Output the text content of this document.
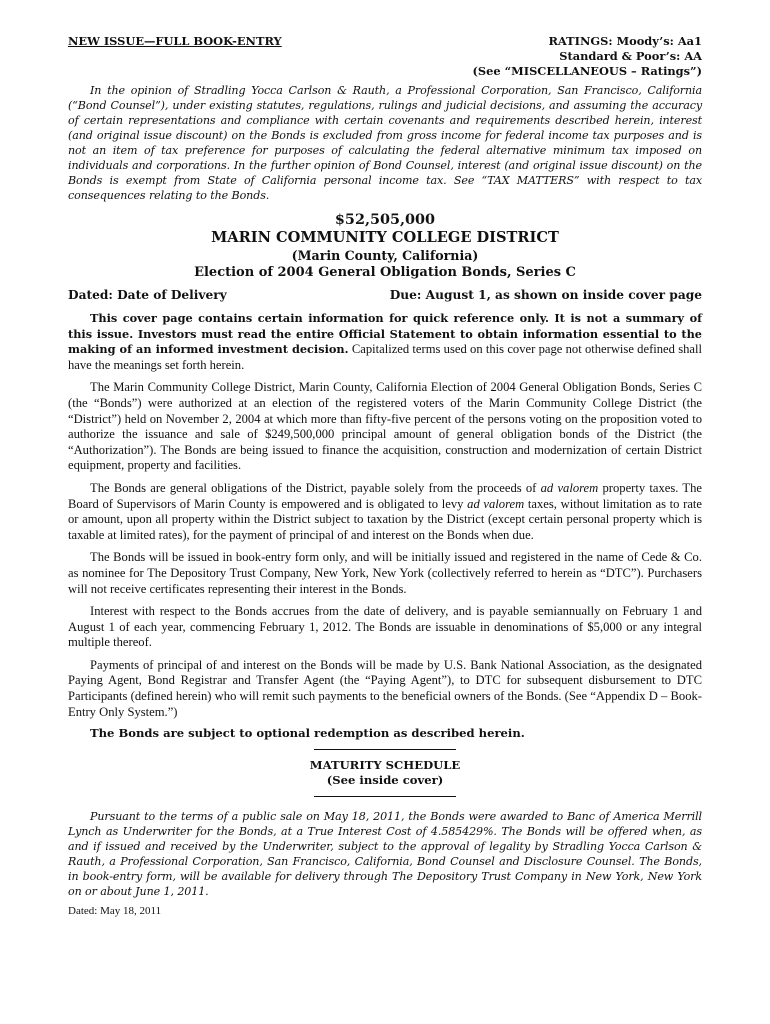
NEW ISSUE—FULL BOOK-ENTRY	RATINGS: Moody’s: Aa1
Standard & Poor’s: AA
(See “MISCELLANEOUS – Ratings”)
In the opinion of Stradling Yocca Carlson & Rauth, a Professional Corporation, San Francisco, California (“Bond Counsel”), under existing statutes, regulations, rulings and judicial decisions, and assuming the accuracy of certain representations and compliance with certain covenants and requirements described herein, interest (and original issue discount) on the Bonds is excluded from gross income for federal income tax purposes and is not an item of tax preference for purposes of calculating the federal alternative minimum tax imposed on individuals and corporations. In the further opinion of Bond Counsel, interest (and original issue discount) on the Bonds is exempt from State of California personal income tax. See “TAX MATTERS” with respect to tax consequences relating to the Bonds.
$52,505,000
MARIN COMMUNITY COLLEGE DISTRICT
(Marin County, California)
Election of 2004 General Obligation Bonds, Series C
Dated: Date of Delivery	Due: August 1, as shown on inside cover page

This cover page contains certain information for quick reference only. It is not a summary of this issue. Investors must read the entire Official Statement to obtain information essential to the making of an informed investment decision. Capitalized terms used on this cover page not otherwise defined shall have the meanings set forth herein.

The Marin Community College District, Marin County, California Election of 2004 General Obligation Bonds, Series C (the “Bonds”) were authorized at an election of the registered voters of the Marin Community College District (the “District”) held on November 2, 2004 at which more than fifty-five percent of the persons voting on the proposition voted to authorize the issuance and sale of $249,500,000 principal amount of general obligation bonds of the District (the “Authorization”). The Bonds are being issued to finance the acquisition, construction and modernization of certain District equipment, property and facilities.

The Bonds are general obligations of the District, payable solely from the proceeds of ad valorem property taxes. The Board of Supervisors of Marin County is empowered and is obligated to levy ad valorem taxes, without limitation as to rate or amount, upon all property within the District subject to taxation by the District (except certain personal property which is taxable at limited rates), for the payment of principal of and interest on the Bonds when due.

The Bonds will be issued in book-entry form only, and will be initially issued and registered in the name of Cede & Co. as nominee for The Depository Trust Company, New York, New York (collectively referred to herein as “DTC”). Purchasers will not receive certificates representing their interest in the Bonds.

Interest with respect to the Bonds accrues from the date of delivery, and is payable semiannually on February 1 and August 1 of each year, commencing February 1, 2012. The Bonds are issuable in denominations of $5,000 or any integral multiple thereof.

Payments of principal of and interest on the Bonds will be made by U.S. Bank National Association, as the designated Paying Agent, Bond Registrar and Transfer Agent (the “Paying Agent”), to DTC for subsequent disbursement to DTC Participants (defined herein) who will remit such payments to the beneficial owners of the Bonds. (See “Appendix D – Book-Entry Only System.”)

The Bonds are subject to optional redemption as described herein.
MATURITY SCHEDULE
(See inside cover)
Pursuant to the terms of a public sale on May 18, 2011, the Bonds were awarded to Banc of America Merrill Lynch as Underwriter for the Bonds, at a True Interest Cost of 4.585429%. The Bonds will be offered when, as and if issued and received by the Underwriter, subject to the approval of legality by Stradling Yocca Carlson & Rauth, a Professional Corporation, San Francisco, California, Bond Counsel and Disclosure Counsel. The Bonds, in book-entry form, will be available for delivery through The Depository Trust Company in New York, New York on or about June 1, 2011.
Dated: May 18, 2011
